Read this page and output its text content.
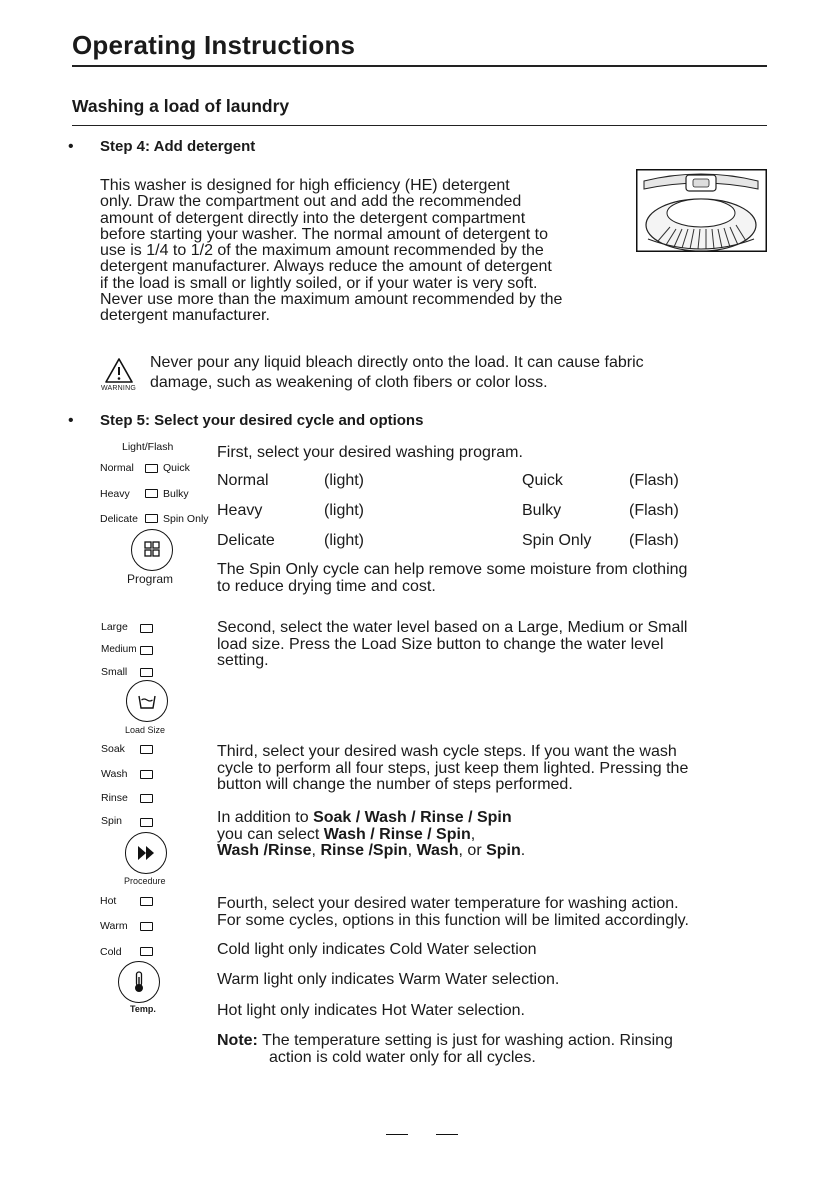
Operating Instructions
Washing a load of laundry
• Step 4: Add detergent
This washer is designed for high efficiency (HE) detergent
only. Draw the compartment out and add the recommended
amount of detergent directly into the detergent compartment
before starting your washer. The normal amount of detergent to
use is 1/4 to 1/2 of the maximum amount recommended by the
detergent manufacturer. Always reduce the amount of detergent
if the load is small or lightly soiled, or if your water is very soft.
Never use more than the maximum amount recommended by the
detergent manufacturer.
WARNING
Never pour any liquid bleach directly onto the load. It can cause fabric
damage, such as weakening of cloth fibers or color loss.
• Step 5: Select your desired cycle and options
Light/Flash
Normal	Quick
Heavy	Bulky
Delicate Spin Only
Program
First, select your desired washing program.
Normal	(light)	Quick	(Flash)
Heavy	(light)	Bulky	(Flash)
Delicate	(light)	Spin Only (Flash)
The Spin Only cycle can help remove some moisture from clothing
to reduce drying time and cost.
Large
Medium
Small
Load Size
Second, select the water level based on a Large, Medium or Small
load size. Press the Load Size button to change the water level
setting.
Soak
Wash
Rinse
Spin
Procedure
Third, select your desired wash cycle steps. If you want the wash
cycle to perform all four steps, just keep them lighted. Pressing the
button will change the number of steps performed.
In addition to Soak / Wash / Rinse / Spin
you can select Wash / Rinse / Spin,
Wash /Rinse, Rinse /Spin, Wash, or Spin.
Hot
Warm
Cold
Temp.
Fourth, select your desired water temperature for washing action.
For some cycles, options in this function will be limited accordingly.
Cold light only indicates Cold Water selection
Warm light only indicates Warm Water selection.
Hot light only indicates Hot Water selection.
Note: The temperature setting is just for washing action. Rinsing
action is cold water only for all cycles.
